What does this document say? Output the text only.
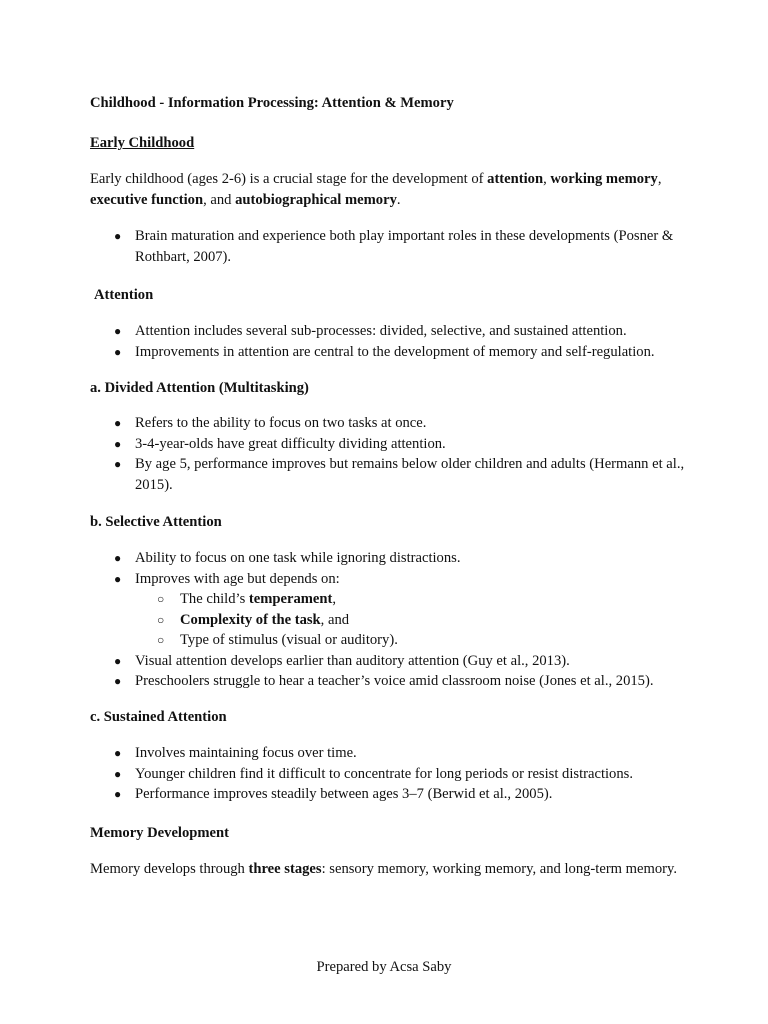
Childhood - Information Processing: Attention & Memory

Early Childhood

Early childhood (ages 2-6) is a crucial stage for the development of attention, working memory, executive function, and autobiographical memory.

● Brain maturation and experience both play important roles in these developments (Posner & Rothbart, 2007).

Attention

● Attention includes several sub-processes: divided, selective, and sustained attention.
● Improvements in attention are central to the development of memory and self-regulation.

a. Divided Attention (Multitasking)

● Refers to the ability to focus on two tasks at once.
● 3-4-year-olds have great difficulty dividing attention.
● By age 5, performance improves but remains below older children and adults (Hermann et al., 2015).

b. Selective Attention

● Ability to focus on one task while ignoring distractions.
● Improves with age but depends on:
○ The child’s temperament,
○ Complexity of the task, and
○ Type of stimulus (visual or auditory).
● Visual attention develops earlier than auditory attention (Guy et al., 2013).
● Preschoolers struggle to hear a teacher’s voice amid classroom noise (Jones et al., 2015).

c. Sustained Attention

● Involves maintaining focus over time.
● Younger children find it difficult to concentrate for long periods or resist distractions.
● Performance improves steadily between ages 3–7 (Berwid et al., 2005).

Memory Development

Memory develops through three stages: sensory memory, working memory, and long-term memory.

Prepared by Acsa Saby
